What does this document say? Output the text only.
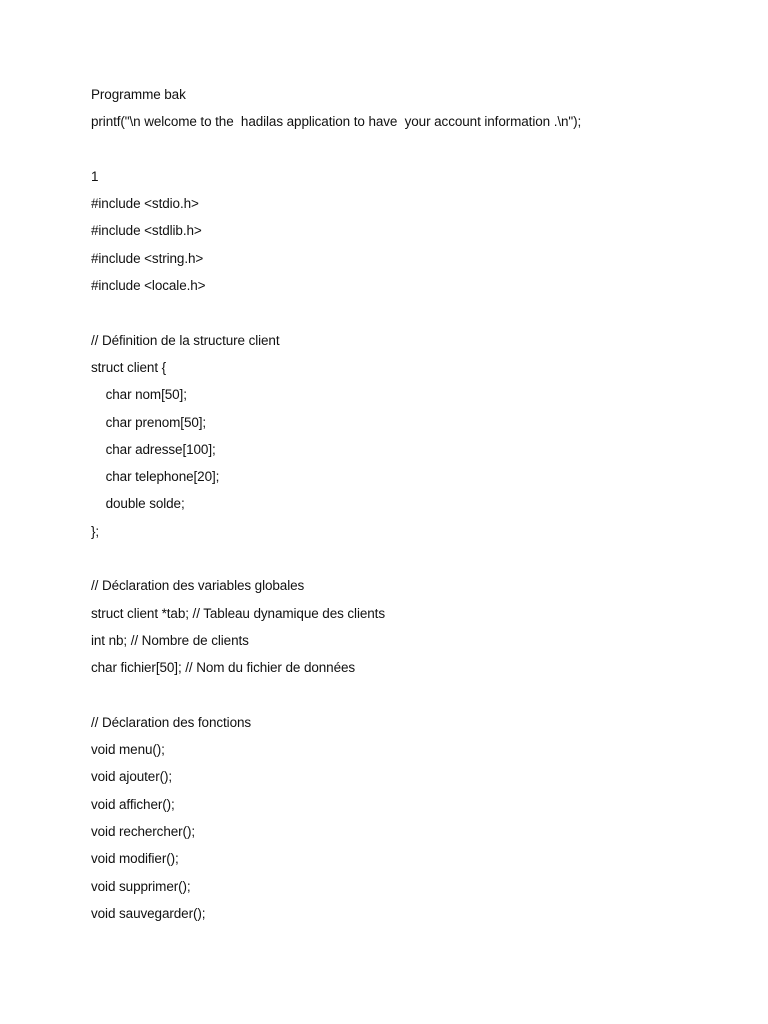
Programme bak
printf("\n welcome to the  hadilas application to have  your account information .\n");
1
#include <stdio.h>
#include <stdlib.h>
#include <string.h>
#include <locale.h>
// Définition de la structure client
struct client {
char nom[50];
char prenom[50];
char adresse[100];
char telephone[20];
double solde;
};
// Déclaration des variables globales
struct client *tab; // Tableau dynamique des clients
int nb; // Nombre de clients
char fichier[50]; // Nom du fichier de données
// Déclaration des fonctions
void menu();
void ajouter();
void afficher();
void rechercher();
void modifier();
void supprimer();
void sauvegarder();
